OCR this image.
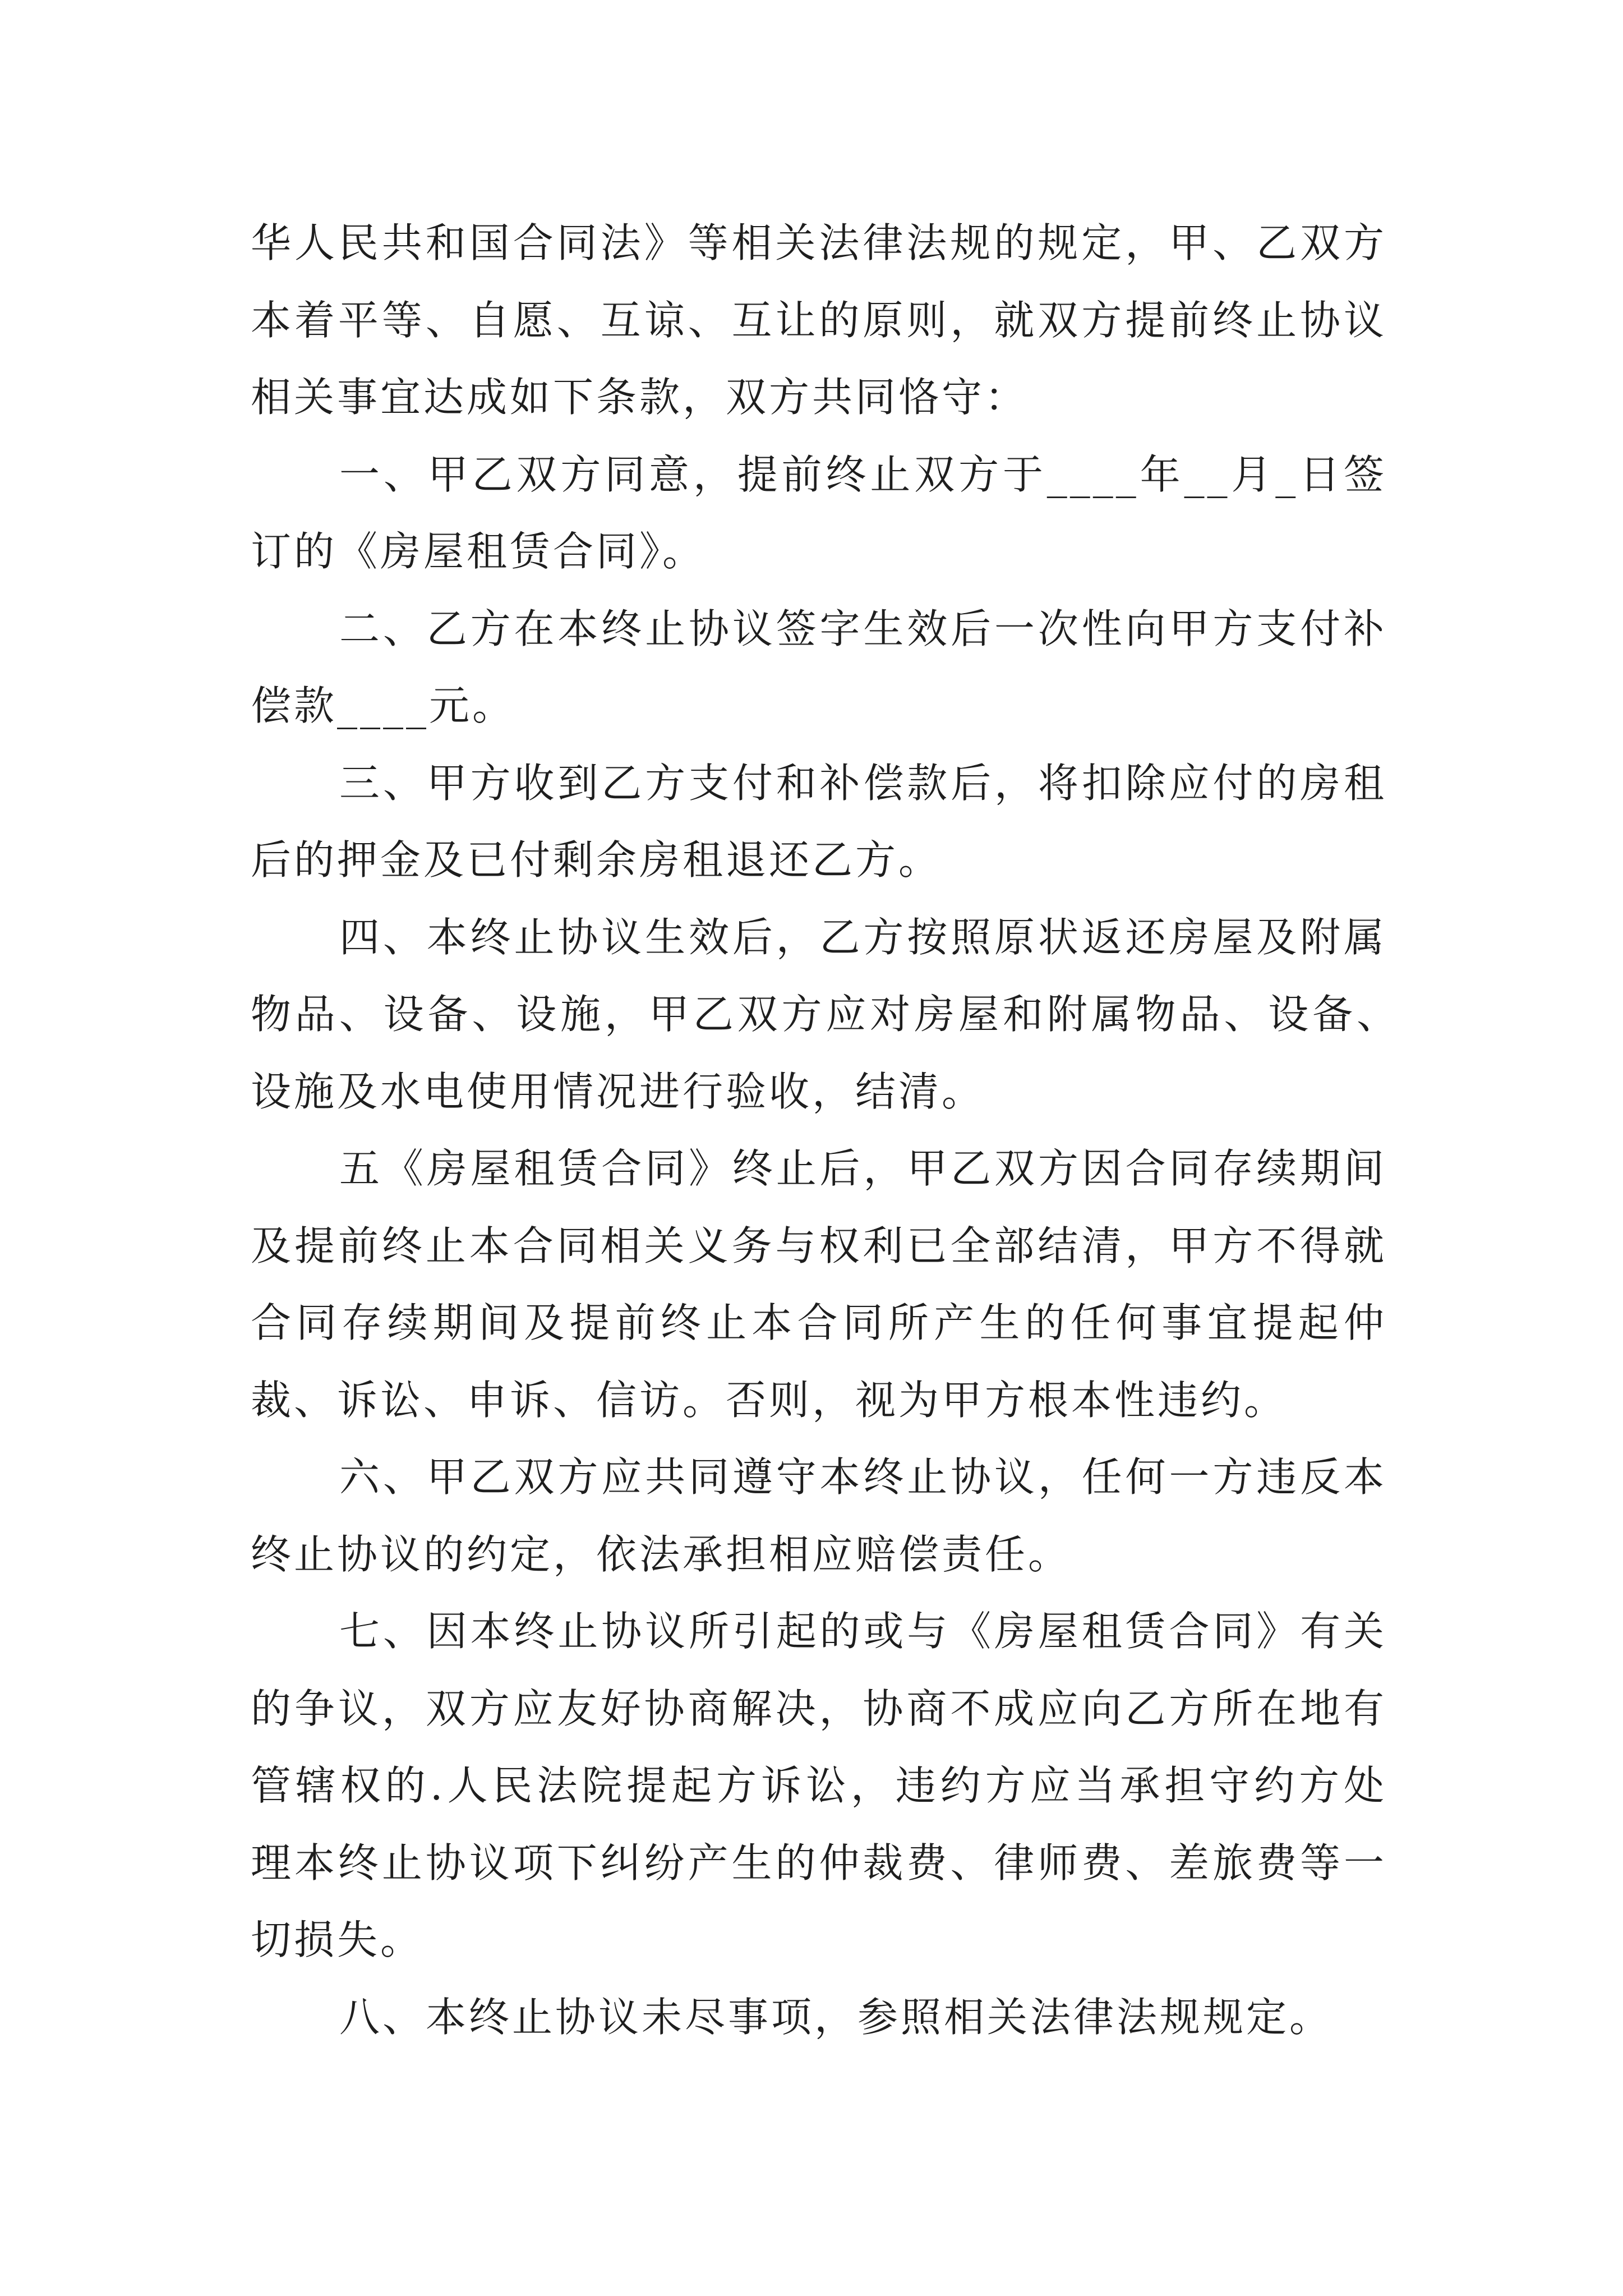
华人民共和国合同法》等相关法律法规的规定，甲、乙双方
本着平等、自愿、互谅、互让的原则，就双方提前终止协议
相关事宜达成如下条款，双方共同恪守：
一、甲乙双方同意，提前终止双方于____年__月_日签
订的《房屋租赁合同》。
二、乙方在本终止协议签字生效后一次性向甲方支付补
偿款____元。
三、甲方收到乙方支付和补偿款后，将扣除应付的房租
后的押金及已付剩余房租退还乙方。
四、本终止协议生效后，乙方按照原状返还房屋及附属
物品、设备、设施，甲乙双方应对房屋和附属物品、设备、
设施及水电使用情况进行验收，结清。
五《房屋租赁合同》终止后，甲乙双方因合同存续期间
及提前终止本合同相关义务与权利已全部结清，甲方不得就
合同存续期间及提前终止本合同所产生的任何事宜提起仲
裁、诉讼、申诉、信访。否则，视为甲方根本性违约。
六、甲乙双方应共同遵守本终止协议，任何一方违反本
终止协议的约定，依法承担相应赔偿责任。
七、因本终止协议所引起的或与《房屋租赁合同》有关
的争议，双方应友好协商解决，协商不成应向乙方所在地有
管辖权的.人民法院提起方诉讼，违约方应当承担守约方处
理本终止协议项下纠纷产生的仲裁费、律师费、差旅费等一
切损失。
八、本终止协议未尽事项，参照相关法律法规规定。
